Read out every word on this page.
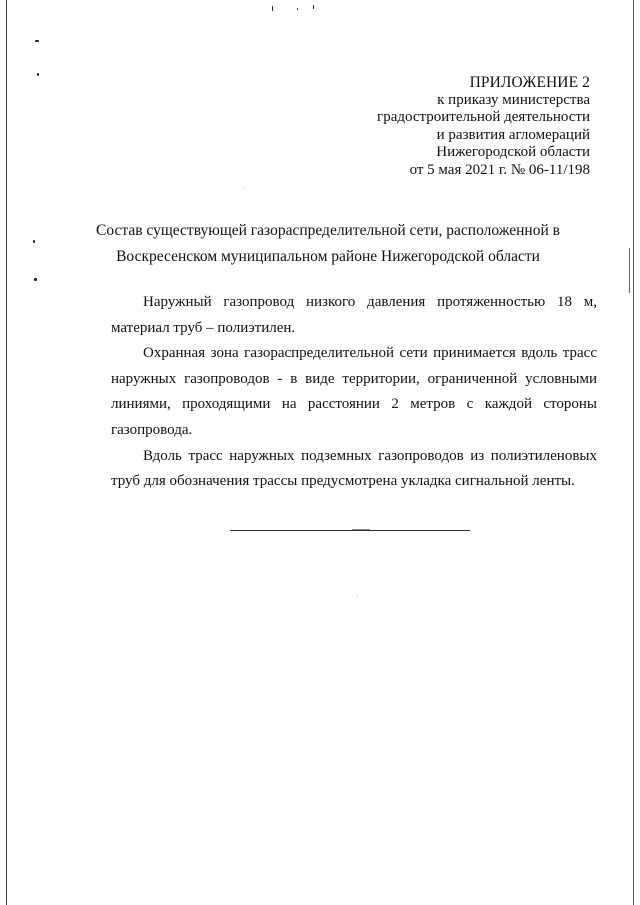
ПРИЛОЖЕНИЕ 2
к приказу министерства
градостроительной деятельности
и развития агломераций
Нижегородской области
от 5 мая 2021 г. № 06-11/198
Состав существующей газораспределительной сети, расположенной в
Воскресенском муниципальном районе Нижегородской области

Наружный газопровод низкого давления протяженностью 18 м, материал труб – полиэтилен.

Охранная зона газораспределительной сети принимается вдоль трасс наружных газопроводов - в виде территории, ограниченной условными линиями, проходящими на расстоянии 2 метров с каждой стороны газопровода.

Вдоль трасс наружных подземных газопроводов из полиэтиленовых труб для обозначения трассы предусмотрена укладка сигнальной ленты.
